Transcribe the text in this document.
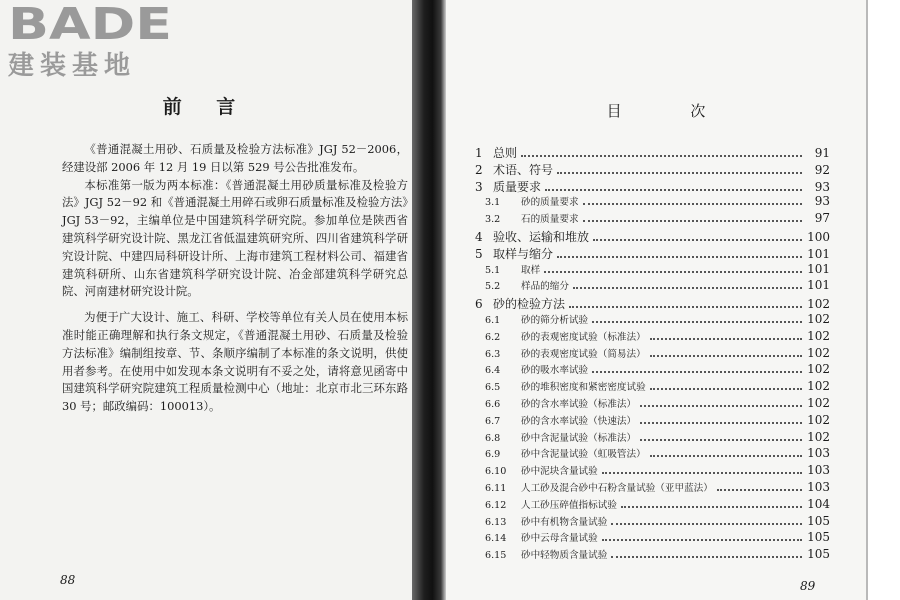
BADE
建装基地
前 言

《普通混凝土用砂、石质量及检验方法标准》JGJ 52－2006，经建设部 2006 年 12 月 19 日以第 529 号公告批准发布。

本标准第一版为两本标准：《普通混凝土用砂质量标准及检验方法》JGJ 52－92 和《普通混凝土用碎石或卵石质量标准及检验方法》JGJ 53－92，主编单位是中国建筑科学研究院。参加单位是陕西省建筑科学研究设计院、黑龙江省低温建筑研究所、四川省建筑科学研究设计院、中建四局科研设计所、上海市建筑工程材料公司、福建省建筑科研所、山东省建筑科学研究设计院、冶金部建筑科学研究总院、河南建材研究设计院。

为便于广大设计、施工、科研、学校等单位有关人员在使用本标准时能正确理解和执行条文规定，《普通混凝土用砂、石质量及检验方法标准》编制组按章、节、条顺序编制了本标准的条文说明，供使用者参考。在使用中如发现本条文说明有不妥之处，请将意见函寄中国建筑科学研究院建筑工程质量检测中心（地址：北京市北三环东路 30 号；邮政编码：100013）。

88
目 次
1 总则	91
2 术语、符号	92
3 质量要求	93
3.1	砂的质量要求	93
3.2	石的质量要求	97
4 验收、运输和堆放	100
5 取样与缩分	101
5.1	取样	101
5.2	样品的缩分	101
6 砂的检验方法	102
6.1	砂的筛分析试验	102
6.2	砂的表观密度试验（标准法）	102
6.3	砂的表观密度试验（简易法）	102
6.4	砂的吸水率试验	102
6.5	砂的堆积密度和紧密密度试验	102
6.6	砂的含水率试验（标准法）	102
6.7	砂的含水率试验（快速法）	102
6.8	砂中含泥量试验（标准法）	102
6.9	砂中含泥量试验（虹吸管法）	103
6.10	砂中泥块含量试验	103
6.11	人工砂及混合砂中石粉含量试验（亚甲蓝法）	103
6.12	人工砂压碎值指标试验	104
6.13	砂中有机物含量试验	105
6.14	砂中云母含量试验	105
6.15	砂中轻物质含量试验	105
89
